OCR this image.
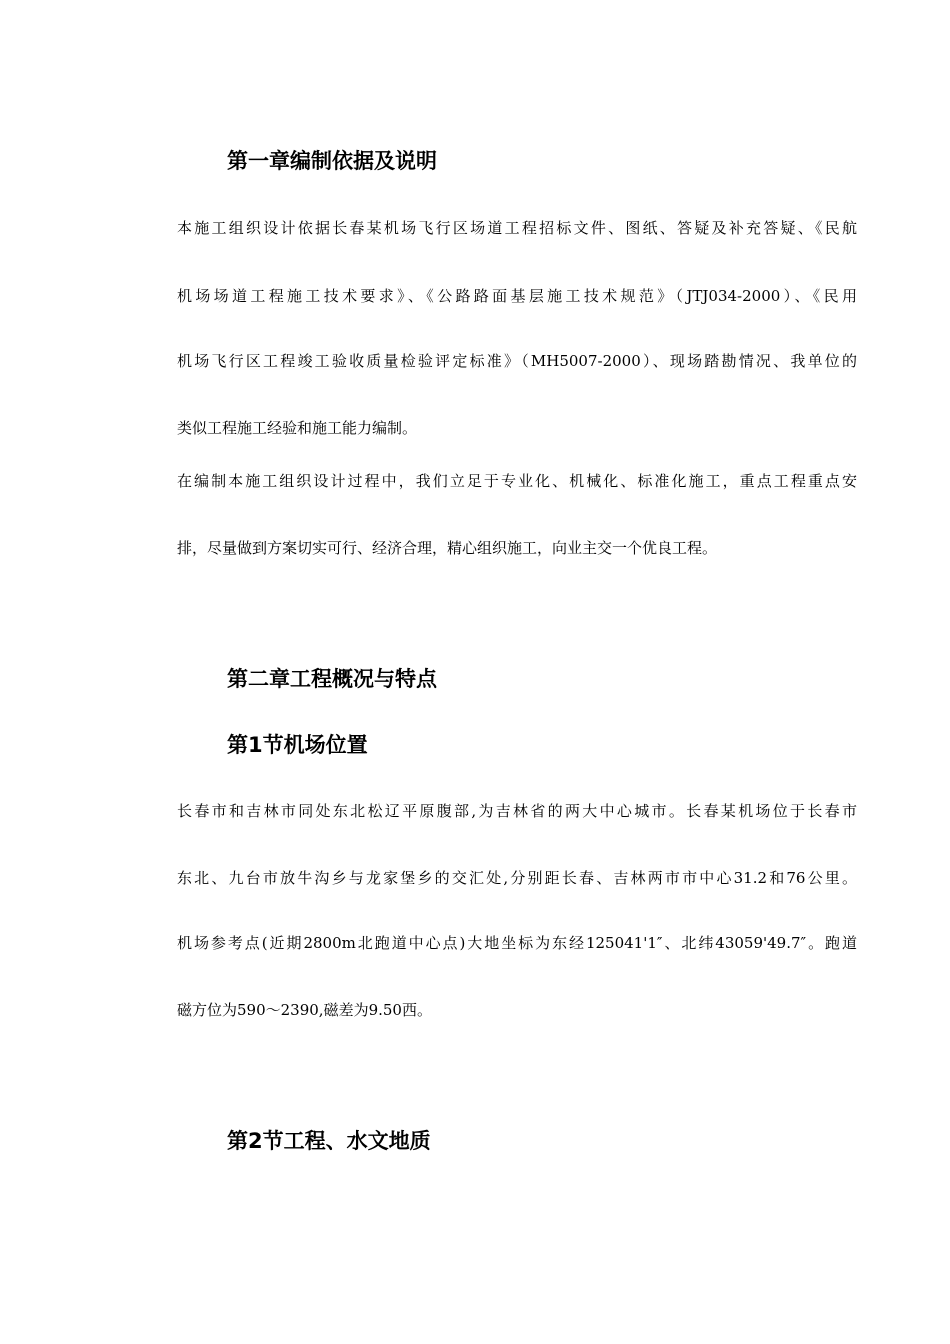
第一章编制依据及说明
本施工组织设计依据长春某机场飞行区场道工程招标文件、图纸、答疑及补充答疑、《民航
机场场道工程施工技术要求》、《公路路面基层施工技术规范》（JTJ034-2000）、《民用
机场飞行区工程竣工验收质量检验评定标准》（MH5007-2000）、现场踏勘情况、我单位的
类似工程施工经验和施工能力编制。
在编制本施工组织设计过程中，我们立足于专业化、机械化、标准化施工，重点工程重点安
排，尽量做到方案切实可行、经济合理，精心组织施工，向业主交一个优良工程。
第二章工程概况与特点
第1节机场位置
长春市和吉林市同处东北松辽平原腹部,为吉林省的两大中心城市。长春某机场位于长春市
东北、九台市放牛沟乡与龙家堡乡的交汇处,分别距长春、吉林两市市中心31.2和76公里。
机场参考点(近期2800m北跑道中心点)大地坐标为东经125041'1″、北纬43059'49.7″。跑道
磁方位为590～2390,磁差为9.50西。
第2节工程、水文地质
